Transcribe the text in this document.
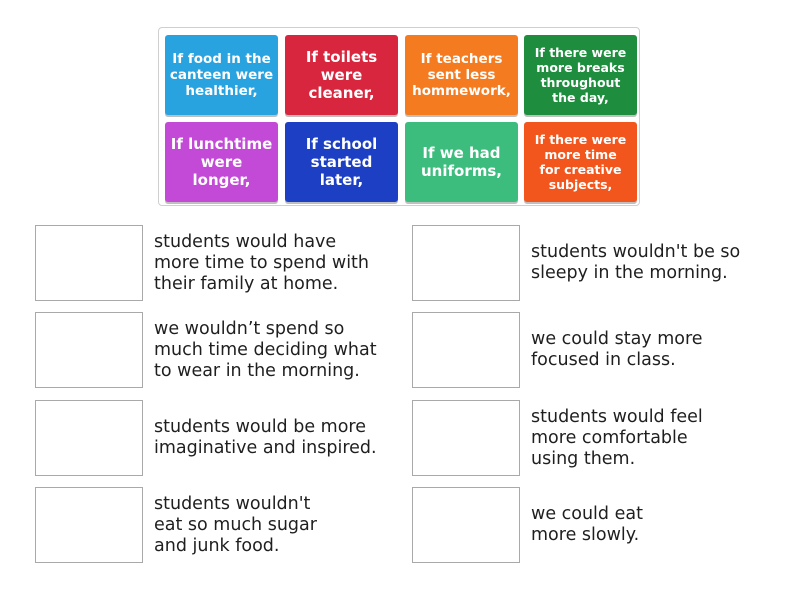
If food in the
canteen were
healthier,
If toilets
were
cleaner,
If teachers
sent less
hommework,
If there were
more breaks
throughout
the day,
If lunchtime
were
longer,
If school
started
later,
If we had
uniforms,
If there were
more time
for creative
subjects,
students would have
more time to spend with
their family at home.
we wouldn’t spend so
much time deciding what
to wear in the morning.
students would be more
imaginative and inspired.
students wouldn't
eat so much sugar
and junk food.
students wouldn't be so
sleepy in the morning.
we could stay more
focused in class.
students would feel
more comfortable
using them.
we could eat
more slowly.
